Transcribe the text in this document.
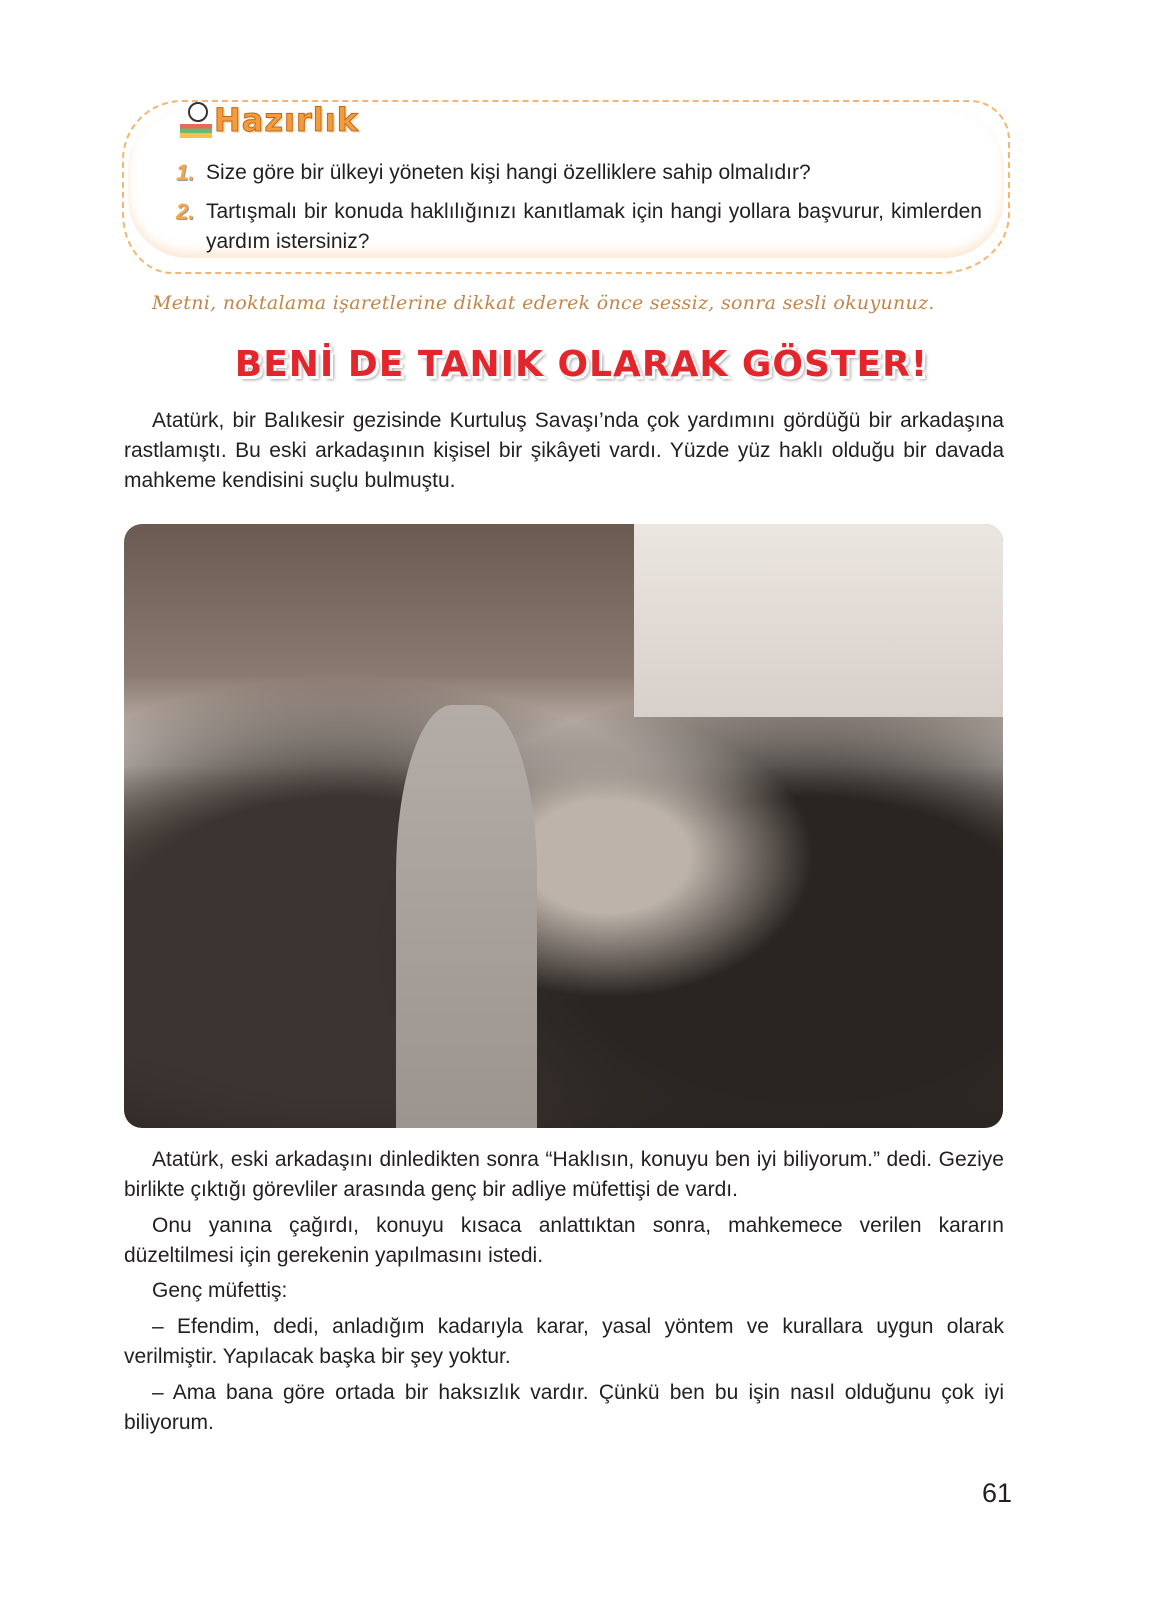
Hazırlık
1. Size göre bir ülkeyi yöneten kişi hangi özelliklere sahip olmalıdır?
2. Tartışmalı bir konuda haklılığınızı kanıtlamak için hangi yollara başvurur, kimlerden yardım istersiniz?
Metni, noktalama işaretlerine dikkat ederek önce sessiz, sonra sesli okuyunuz.
BENİ DE TANIK OLARAK GÖSTER!
Atatürk, bir Balıkesir gezisinde Kurtuluş Savaşı’nda çok yardımını gördüğü bir arkadaşına rastlamıştı. Bu eski arkadaşının kişisel bir şikâyeti vardı. Yüzde yüz haklı olduğu bir davada mahkeme kendisini suçlu bulmuştu.
Atatürk, eski arkadaşını dinledikten sonra “Haklısın, konuyu ben iyi biliyorum.” dedi. Geziye birlikte çıktığı görevliler arasında genç bir adliye müfettişi de vardı.
Onu yanına çağırdı, konuyu kısaca anlattıktan sonra, mahkemece verilen kararın düzeltilmesi için gerekenin yapılmasını istedi.
Genç müfettiş:
– Efendim, dedi, anladığım kadarıyla karar, yasal yöntem ve kurallara uygun olarak verilmiştir. Yapılacak başka bir şey yoktur.
– Ama bana göre ortada bir haksızlık vardır. Çünkü ben bu işin nasıl olduğunu çok iyi biliyorum.
61
